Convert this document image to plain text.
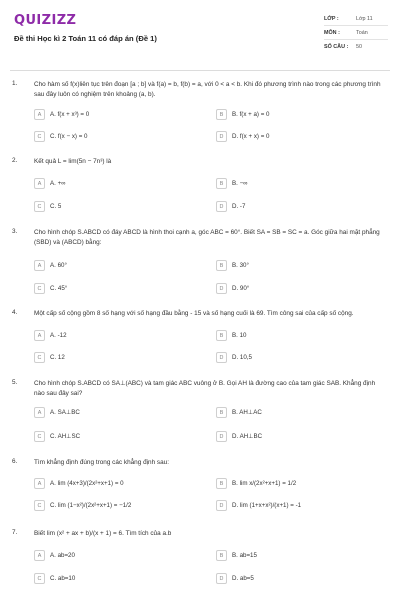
QUIZIZZ
Đề thi Học kì 2 Toán 11 có đáp án (Đề 1)
LỚP :	Lớp 11
MÔN :	Toán
SỐ CÂU :	50
1.	Cho hàm số f(x)liên tục trên đoạn [a ; b] và f(a) = b, f(b) = a, với 0 < a < b. Khi đó phương trình nào trong các phương trình sau đây luôn có nghiệm trên khoảng (a, b).
A	A. f(x + x³) = 0	B	B. f(x + a) = 0
C	C. f(x − x) = 0	D	D. f(x + x) = 0
2.	Kết quả L = lim(5n − 7n³) là
A	A. +∞	B	B. −∞
C	C. 5	D	D. -7
3.	Cho hình chóp S.ABCD có đáy ABCD là hình thoi cạnh a, góc ABC = 60°. Biết SA = SB = SC = a. Góc giữa hai mặt phẳng (SBD) và (ABCD) bằng:
A	A. 60°	B	B. 30°
C	C. 45°	D	D. 90°
4.	Một cấp số cộng gồm 8 số hạng với số hạng đầu bằng - 15 và số hạng cuối là 69. Tìm công sai của cấp số cộng.
A	A. -12	B	B. 10
C	C. 12	D	D. 10,5
5.	Cho hình chóp S.ABCD có SA⊥(ABC) và tam giác ABC vuông ở B. Gọi AH là đường cao của tam giác SAB. Khẳng định nào sau đây sai?
A	A. SA⊥BC	B	B. AH⊥AC
C	C. AH⊥SC	D	D. AH⊥BC
6.	Tìm khẳng định đúng trong các khẳng định sau:
A	A. lim (4x+3)/(2x²+x+1) = 0	B	B. lim x/(2x²+x+1) = 1/2
C	C. lim (1−x²)/(2x²+x+1) = −1/2	D	D. lim (1+x+x²)/(x+1) = -1
7.	Biết lim (x² + ax + b)/(x + 1) = 6. Tìm tích của a.b
A	A. ab=20	B	B. ab=15
C	C. ab=10	D	D. ab=5
